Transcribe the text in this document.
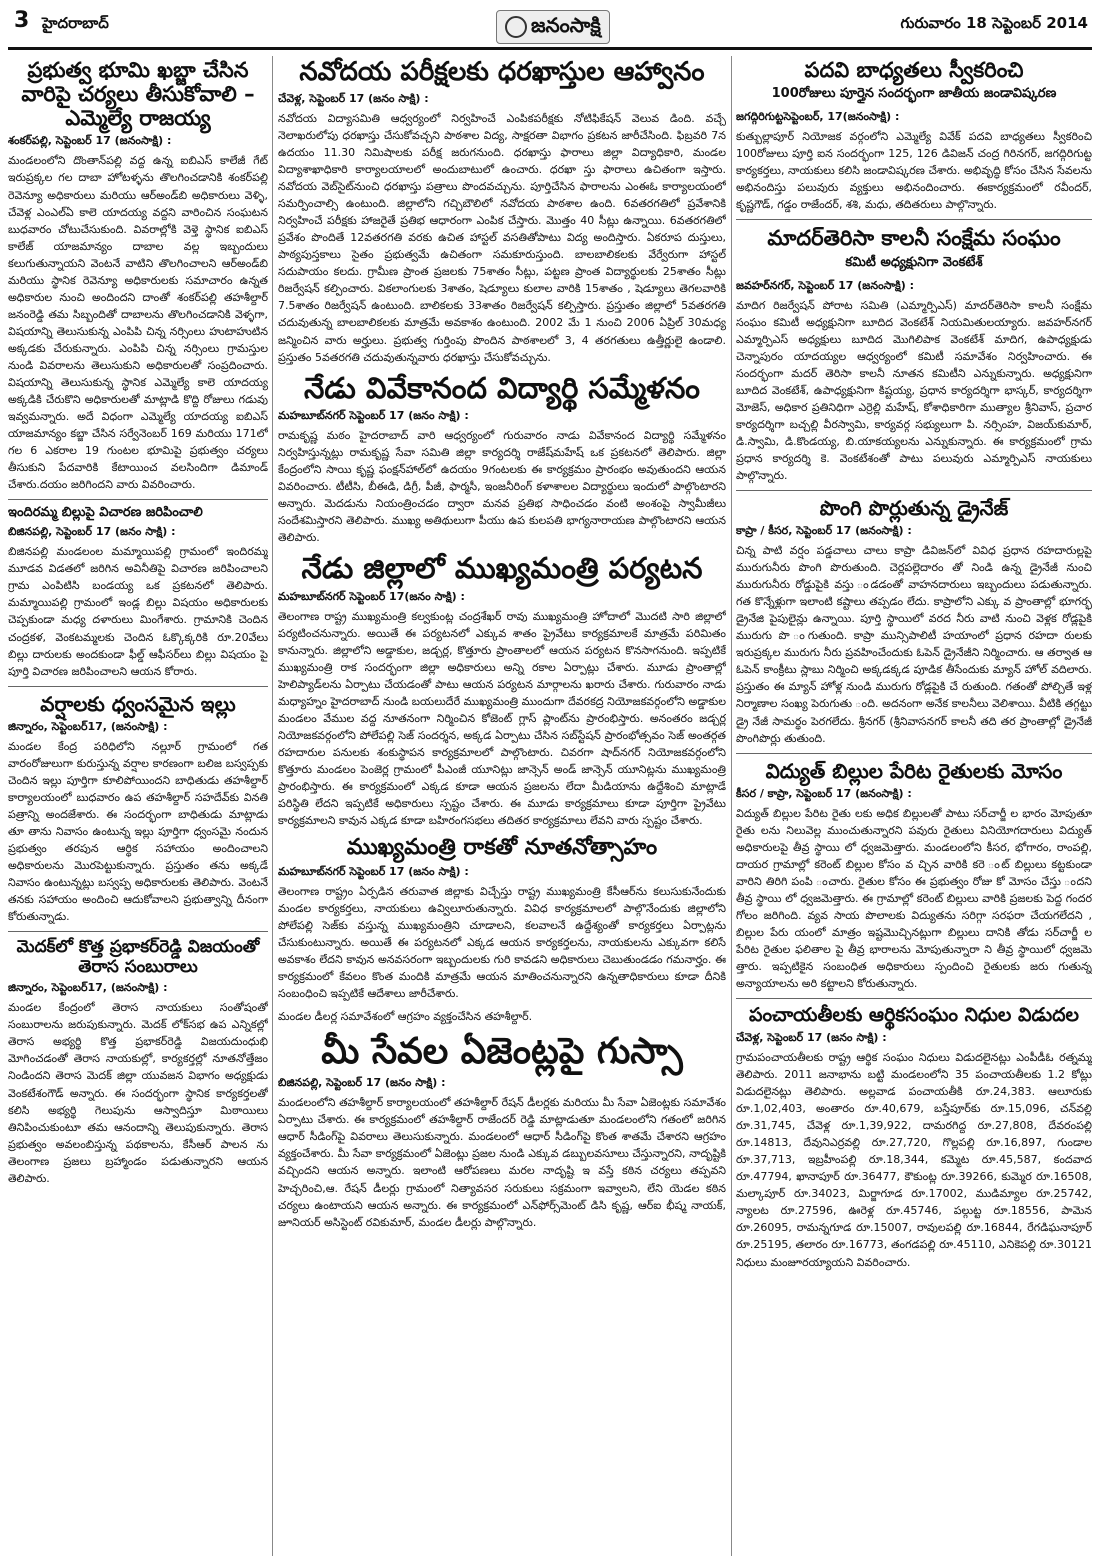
3 హైదరాబాద్	జనంసాక్షి	గురువారం 18 సెప్టెంబర్ 2014
ప్రభుత్వ భూమి ఖబ్జా చేసిన వారిపై చర్యలు తీసుకోవాలి – ఎమ్మెల్యే రాజయ్య
శంకర్‌పల్లి, సెప్టెంబర్ 17 (జనంసాక్షి) :
మండలంలోని దొంతాన్‌పల్లి వద్ద ఉన్న ఐబిఎస్ కాలేజీ గేట్ ఇరుప్రక్కల గల దాబా హోటళ్ళను తొలగించడానికి శంకర్‌పల్లి రెవెన్యూ అధికారులు మరియు ఆర్‌అండ్‌బి అధికారులు వెళ్ళి, చేవెళ్ల ఎంఎల్ఏ కాలె యాదయ్య వద్దని వారించిన సంఘటన బుధవారం చోటుచేసుకుంది. వివరాల్లోకి వెళ్తె స్థానిక ఐబిఎస్ కాలేజ్ యాజమాన్యం దాబాల వల్ల ఇబ్బందులు కలుగుతున్నాయని వెంటనే వాటిని తొలగించాలని ఆర్అండ్‌బి మరియు స్థానిక రెవెన్యూ అధికారులకు సమాచారం ఉన్నత అధికారుల నుంచి అందిందని దాంతో శంకర్‌పల్లి తహశీల్దార్ జనంరెడ్డి తమ సిబ్బందితో దాబాలను తొలగించడానికి వెళ్ళగా, విషయాన్ని తెలుసుకున్న ఎంపిపి చిన్న నర్సింలు హుటాహుటిన అక్కడకు చేరుకున్నారు. ఎంపిపి చిన్న నర్సింలు గ్రామస్తుల నుండి వివరాలను తెలుసుకుని అధికారులతో సంప్రదించారు. విషయాన్ని తెలుసుకున్న స్థానిక ఎమ్మెల్యే కాలె యాదయ్య అక్కడికి చేరుకొని అధికారులతో మాట్లాడి కొద్ది రోజులు గడువు ఇవ్వమన్నారు. అదే విధంగా ఎమ్మెల్యే యాదయ్య ఐబిఎస్ యాజమాన్యం కబ్జా చేసిన సర్వేనెంబర్ 169 మరియు 171లో గల 6 ఎకరాల 19 గుంటల భూమిపై ప్రభుత్వం చర్యలు తీసుకుని పేదవారికి కేటాయించ వలసిందిగా డిమాండ్ చేశారు.దయం జరిగిందని వారు వివరించారు.
ఇందిరమ్మ బిల్లుపై విచారణ జరిపించాలి
బిజినపల్లి, సెప్టెంబర్ 17 (జనం సాక్షి) :
బిజినపల్లి మండలంల మమ్మాయిపల్లి గ్రామంలో ఇందిరమ్మ మూడవ విడతలో జరిగిన అవినీతిపై విచారణ జరిపించాలని గ్రామ ఎంపిటిసి బండయ్య ఒక ప్రకటనలో తెలిపారు. మమ్మాయిపల్లి గ్రామంలో ఇండ్ల బిల్లు విషయం అధికారులకు చెప్పకుండా మధ్య దళారులు మింగేశారు. గ్రామానికి చెందిన చంద్రకళ, వెంకటమ్మలకు చెందిన ఓక్కొక్కరికి రూ.20వేలు బిల్లు దారులకు అందకుండా ఫీల్డ్ ఆఫీసర్‌లు బిల్లు విషయం పై పూర్తి విచారణ జరిపించాలని ఆయన కోరారు.
వర్షాలకు ధ్వంసమైన ఇల్లు
జిన్నారం, సెప్టెంబర్17, (జనంసాక్షి) :
మండల కేంద్ర పరిధిలోని నల్లూర్ గ్రామంలో గత వారంరోజులుగా కురుస్తున్న వర్షాల కారణంగా బలిజ బస్వప్పకు చెందిన ఇల్లు పూర్తిగా కూలిపోయిందని బాధితుడు తహశీల్దార్ కార్యాలయంలో బుధవారం ఉప తహశీల్దార్ సహదేవ్‌కు వినతి పత్రాన్ని అందజేశారు. ఈ సందర్భంగా బాధితుడు మాట్లాడు తూ తాను నివాసం ఉంటున్న ఇల్లు పూర్తిగా ధ్వంసమై నందున ప్రభుత్వం తరపున ఆర్థిక సహాయం అందించాలని అధికారులను మొరపెట్టుకున్నారు. ప్రస్తుతం తను అక్కడే నివాసం ఉంటున్నట్లు బస్వప్ప అధికారులకు తెలిపారు. వెంటనే తనకు సహాయం అందించి ఆదుకోవాలని ప్రభుత్వాన్ని దీనంగా కోరుతున్నాడు.
మెదక్‌లో కొత్త ప్రభాకర్‌రెడ్డి విజయంతో తెరాస సంబురాలు
జిన్నారం, సెప్టెంబర్17, (జనంసాక్షి) :
మండల కేంద్రంలో తెరాస నాయకులు సంతోషంతో సంబురాలను జరుపుకున్నారు. మెదక్ లోక్‌సభ ఉప ఎన్నికల్లో తెరాస అభ్యర్థి కొత్త ప్రభాకర్‌రెడ్డి విజయదుంధుభి మోగించడంతో తెరాస నాయకుల్లో, కార్యకర్తల్లో నూతనోత్తేజం నిండిందని తెరాస మెదక్ జిల్లా యువజన విభాగం అధ్యక్షుడు వెంకటేశంగౌడ్ అన్నారు. ఈ సందర్భంగా స్థానిక కార్యకర్తలతో కలిసి అభ్యర్థి గెలుపును ఆస్వాదిస్తూ మిఠాయిలు తినిపించుకుంటూ తమ ఆనందాన్ని తెలుపుకున్నారు. తెరాస ప్రభుత్వం అవలంబిస్తున్న పథకాలను, కేసీఆర్ పాలన ను తెలంగాణ ప్రజలు బ్రహ్మాండం పడుతున్నారని ఆయన తెలిపారు.
నవోదయ పరీక్షలకు ధరఖాస్తుల ఆహ్వానం
చేవెళ్ల, సెప్టెంబర్ 17 (జనం సాక్షి) :
నవోదయ విద్యాసమితి ఆధ్వర్యంలో నిర్వహించే ఎంపికపరీక్షకు నోటిఫికేషన్ వెలువ డింది. వచ్చే నెలాఖరులోపు ధరఖాస్తు చేసుకోవచ్చని పాఠశాల విద్య, సాక్షరతా విభాగం ప్రకటన జారీచేసింది. ఫిబ్రవరి 7న ఉదయం 11.30 నిమిషాలకు పరీక్ష జరుగనుంది. ధరఖాస్తు ఫారాలు జిల్లా విద్యాధికారి, మండల విద్యాశాఖాధికారి కార్యాలయాలలో అందుబాటులో ఉంచారు. ధరఖా స్తు ఫారాలు ఉచితంగా ఇస్తారు. నవోదయ వెబ్‌సైట్‌నుంచి ధరఖాస్తు పత్రాలు పొందవచ్చును. పూర్తిచేసిన ఫారాలను ఎంఈఓ కార్యాలయంలో సమర్పించాల్సి ఉంటుంది. జిల్లాలోని గచ్చిబౌలిలో నవోదయ పాఠశాల ఉంది. 6వతరగతిలో ప్రవేశానికి నిర్వహించే పరీక్షకు హాజరైతే ప్రతిభ ఆధారంగా ఎంపిక చేస్తారు. మొత్తం 40 సీట్లు ఉన్నాయి. 6వతరగతిలో ప్రవేశం పొందితే 12వతరగతి వరకు ఉచిత హాస్టల్ వసతితోపాటు విద్య అందిస్తారు. ఏకరూప దుస్తులు, పాఠ్యపుస్తకాలు సైతం ప్రభుత్వమే ఉచితంగా సమకూరుస్తుంది. బాలబాలికలకు వేర్వేరుగా హాస్టల్ సదుపాయం కలదు. గ్రామీణ ప్రాంత ప్రజలకు 75శాతం సీట్లు, పట్టణ ప్రాంత విద్యార్థులకు 25శాతం సీట్లు రిజర్వేషన్ కల్పించారు. వికలాంగులకు 3శాతం, షెడ్యూలు కులాల వారికి 15శాతం , షెడ్యూలు తెగలవారికి 7.5శాతం రిజర్వేషన్ ఉంటుంది. బాలికలకు 33శాతం రిజర్వేషన్ కల్పిస్తారు. ప్రస్తుతం జిల్లాలో 5వతరగతి చదువుతున్న బాలబాలికలకు మాత్రమే అవకాశం ఉంటుంది. 2002 మే 1 నుంచి 2006 ఏప్రిల్ 30మధ్య జన్మించిన వారు అర్హులు. ప్రభుత్వ గుర్తింపు పొందిన పాఠశాలలో 3, 4 తరగతులు ఉత్తీర్ణులై ఉండాలి. ప్రస్తుతం 5వతరగతి చదువుతున్నవారు ధరఖాస్తు చేసుకోవచ్చును.
నేడు వివేకానంద విద్యార్థి సమ్మేళనం
మహబూబ్‌నగర్ సెప్టెంబర్ 17 (జనం సాక్షి) :
రామకృష్ణ మఠం హైదరాబాద్ వారి ఆధ్వర్యంలో గురువారం నాడు వివేకానంద విద్యార్థి సమ్మేళనం నిర్వహిస్తున్నట్లు రామకృష్ణ సేవా సమితి జిల్లా కార్యదర్శి రాజేష్‌మహేష్ ఒక ప్రకటనలో తెలిపారు. జిల్లా కేంద్రంలోని సాయి కృష్ణ ఫంక్షన్‌హాల్‌లో ఉదయం 9గంటలకు ఈ కార్యక్రమం ప్రారంభం అవుతుందని ఆయన వివరించారు. టీటీసి, బీఈడి, డిగ్రీ, పీజీ, ఫార్మసీ, ఇంజనీరింగ్ కళాశాలల విద్యార్థులు ఇందులో పాల్గొంటారని అన్నారు. మెదడును నియంత్రించడం ద్వారా మనవ ప్రతిభ సాధించడం వంటి అంశంపై స్వామీజీలు సందేశమిస్తారని తెలిపారు. ముఖ్య అతిథులుగా పీయు ఉప కులపతి భాగ్యనారాయణ పాల్గొంటారని ఆయన తెలిపారు.
నేడు జిల్లాలో ముఖ్యమంత్రి పర్యటన
మహబూబ్‌నగర్ సెప్టెంబర్ 17(జనం సాక్షి) :
తెలంగాణ రాష్ట్ర ముఖ్యమంత్రి కల్వకుంట్ల చంద్రశేఖర్ రావు ముఖ్యమంత్రి హోదాలో మొదటి సారి జిల్లాలో పర్యటించనున్నారు. అయితే ఈ పర్యటనలో ఎక్కువ శాతం ప్రైవేటు కార్యక్రమాలకే మాత్రమే పరిమితం కానున్నారు. జిల్లాలోని అడ్డాకుల, జడ్చర్ల, కొత్తూరు ప్రాంతాలలో ఆయన పర్యటన కొనసాగనుంది. ఇప్పటికే ముఖ్యమంత్రి రాక సందర్భంగా జిల్లా అధికారులు అన్ని రకాల ఏర్పాట్లు చేశారు. మూడు ప్రాంతాల్లో హెలిప్యాడ్‌లను ఏర్పాటు చేయడంతో పాటు ఆయన పర్యటన మార్గాలను ఖరారు చేశారు. గురువారం నాడు మధ్యాహ్నం హైదరాబాద్ నుండి బయలుదేరే ముఖ్యమంత్రి ముందుగా దేవరకద్ర నియోజకవర్గంలోని అడ్డాకుల మండలం వేముల వద్ద నూతనంగా నిర్మించిన కోజెంట్ గ్లాస్ ప్లాంట్‌ను ప్రారంభిస్తారు. అనంతరం జడ్చర్ల నియోజకవర్గంలోని పోలేపల్లి సెజ్ సందర్శన, అక్కడ ఏర్పాటు చేసిన సబ్‌స్టేషన్ ప్రారంభోత్సవం సెజ్ అంతర్గత రహదారుల పనులకు శంకుస్థాపన కార్యక్రమాలలో పాల్గొంటారు. చివరగా షాద్‌నగర్ నియోజకవర్గంలోని కొత్తూరు మండలం పెంజెర్ల గ్రామంలో పీఎంజీ యూనిట్లు జాన్సెన్ అండ్ జాన్సెన్ యూనిట్లను ముఖ్యమంత్రి ప్రారంభిస్తారు. ఈ కార్యక్రమంలో ఎక్కడ కూడా ఆయన ప్రజలను లేదా మీడియాను ఉద్దేశించి మాట్లాడే పరిస్థితి లేదని ఇప్పటికే అధికారులు స్పష్టం చేశారు. ఈ మూడు కార్యక్రమాలు కూడా పూర్తిగా ప్రైవేటు కార్యక్రమాలని కావున ఎక్కడ కూడా బహిరంగసభలు తదితర కార్యక్రమాలు లేవని వారు స్పష్టం చేశారు.
ముఖ్యమంత్రి రాకతో నూతనోత్సాహం
మహబూబ్‌నగర్ సెప్టెంబర్ 17 (జనం సాక్షి) :
తెలంగాణ రాష్ట్రం ఏర్పడిన తరువాత జిల్లాకు విచ్చేస్తు రాష్ట్ర ముఖ్యమంత్రి కేసీఆర్‌ను కలుసుకునేందుకు మండల కార్యకర్తలు, నాయకులు ఉవ్విలూరుతున్నారు. వివిధ కార్యక్రమాలలో పాల్గొనేందుకు జిల్లాలోని పోలేపల్లి సెజ్‌కు వస్తున్న ముఖ్యమంత్రిని చూడాలని, కలవాలనే ఉద్దేశ్యంతో కార్యకర్తలు ఏర్పాట్లను చేసుకుంటున్నారు. అయితే ఈ పర్యటనలో ఎక్కడ ఆయన కార్యకర్తలను, నాయకులను ఎక్కువగా కలిసే అవకాశం లేదని కావున అనవసరంగా ఇబ్బందులకు గురి కావడని అధికారులు చెబుతుండడం గమనార్హం. ఈ కార్యక్రమంలో కేవలం కొంత మందికి మాత్రమే ఆయన మాతించనున్నారని ఉన్నతాధికారులు కూడా దీనికి సంబంధించి ఇప్పటికే ఆదేశాలు జారీచేశారు.
మండల డీలర్ల సమావేశంలో ఆగ్రహం వ్యక్తంచేసిన తహశీల్దార్.
మీ సేవల ఏజెంట్లపై గుస్సా
బిజినపల్లి, సెప్టెంబర్ 17 (జనం సాక్షి) :
మండలంలోని తహశీల్దార్ కార్యాలయంలో తహశీల్దార్ రేషన్ డీలర్లకు మరియు మీ సేవా ఏజెంట్లకు సమావేశం ఏర్పాటు చేశారు. ఈ కార్యక్రమంలో తహశీల్దార్ రాజేందర్ రెడ్డి మాట్లాడుతూ మండలంలోని గతంలో జరిగిన ఆధార్ సీడింగ్‌పై వివరాలు తెలుసుకున్నారు. మండలంలో ఆధార్ సీడింగ్‌పై కొంత శాతమే చేశారని ఆగ్రహం వ్యక్తంచేశారు. మీ సేవా కార్యక్రమంలో ఏజెంట్లు ప్రజల నుండి ఎక్కువ డబ్బులవసూలు చేస్తున్నారని, నాదృష్టికి వచ్చిందని ఆయన అన్నారు. ఇలాంటి ఆరోపణలు మరల నాదృష్టి ఇ వస్తే కఠిన చర్యలు తప్పవని హెచ్చరించి,ఆ. రేషన్ డీలర్లు గ్రామంలో నిత్యావసర సరుకులు సక్రమంగా ఇవ్వాలని, లేని యెడల కఠిన చర్యలు ఉంటాయని ఆయన అన్నారు. ఈ కార్యక్రమంలో ఎన్‌ఫోర్స్‌మెంట్ డిసి కృష్ణ, ఆర్‌ఐ భీష్మ నాయక్, జూనియర్ అసిస్టెంట్ రవికుమార్, మండల డీలర్లు పాల్గొన్నారు.
పదవి బాధ్యతలు స్వీకరించి
100రోజులు పూర్తైన సందర్భంగా జాతీయ జండావిష్కరణ
జగద్గిరిగుట్టసెప్టెంబర్, 17(జనంసాక్షి) :
కుత్బుల్లాపూర్ నియోజక వర్గంలోని ఎమ్మెల్యే వివేక్ పదవి బాధ్యతలు స్వీకరించి 100రోజులు పూర్తి ఐన సందర్భంగా 125, 126 డివిజన్ చంద్ర గిరినగర్, జగద్గిరిగుట్ట కార్యకర్తలు, నాయకులు కలిసి జండావిష్కరణ చేశారు. అభివృద్ధి కోసం చేసిన సేవలను అభినందిస్తు పలువురు వ్యక్తులు అభినందించారు. ఈకార్యక్రమంలో రవీందర్‌, కృష్ణగౌడ్, గడ్డం రాజేందర్, శశి, మధు, తదితరులు పాల్గొన్నారు.
మాదర్‌తెరిసా కాలనీ సంక్షేమ సంఘం
కమిటీ అధ్యక్షునిగా వెంకటేశ్
జవహర్‌నగర్, సెప్టెంబర్ 17 (జనంసాక్షి) :
మాదిగ రిజర్వేషన్ పోరాట సమితి (ఎమ్మార్పిఎస్) మాదర్‌తెరిసా కాలనీ సంక్షేమ సంఘం కమిటీ అధ్యక్షునిగా బూదిద వెంకటేశ్ నియమితులయ్యారు. జవహర్‌నగర్ ఎమ్మార్పిఎస్ అధ్యక్షులు బూదిద మొగిలిపాక వెంకటేశ్ మాదిగ, ఉపాధ్యక్షుడు చెన్నాపురం యాదయ్యల ఆధ్వర్యంలో కమిటీ సమావేశం నిర్వహించారు. ఈ సందర్భంగా మదర్ తెరిసా కాలనీ నూతన కమిటీని ఎన్నుకున్నారు. అధ్యక్షునిగా బూదిద వెంకటేశ్, ఉపాధ్యక్షునిగా కిష్టయ్య, ప్రధాన కార్యదర్శిగా భాస్కర్, కార్యదర్శిగా మోజెస్, అధికార ప్రతినిధిగా ఎర్రెల్లి మహేష్, కోశాధికారిగా ముత్యాల శ్రీనివాస్, ప్రచార కార్యదర్శిగా బచ్చల్లి వీరస్వామి, కార్యవర్గ సభ్యులుగా పి. నర్సింహ, విజయ్‌కుమార్, డి.స్వామి, డి.కొండయ్య, బి.యాకయ్యలను ఎన్నుకున్నారు. ఈ కార్యక్రమంలో గ్రామ ప్రధాన కార్యదర్శి కె. వెంకటేశంతో పాటు పలువురు ఎమ్మార్పిఎస్ నాయకులు పాల్గొన్నారు.
పొంగి పొర్లుతున్న డ్రైనేజ్
కాప్రా / కీసర, సెప్టెంబర్ 17 (జనంసాక్షి) :
చిన్న పాటి వర్షం పడ్డచాలు చాలు కాప్రా డివిజన్‌లో వివిధ ప్రధాన రహదారుల్లపై మురుగునీరు పొంగి పొరుతుంది. చెర్లపల్లెదారం తో నిండి ఉన్న డ్రైనేజీ నుంచి మురుగునీరు రోడ్డుపైకి వస్తు ండడంతో వాహనదారులు ఇబ్బందులు పడుతున్నారు. గత కొన్నేళ్లుగా ఇలాంటి కష్టాలు తప్పడం లేదు. కాప్రాలోని ఎక్కు వ ప్రాంతాల్లో భూగర్భ డ్రైనేజి పైపులైన్లు ఉన్నాయి. పూర్తి స్థాయిలో వరద నీరు వాటి నుంచి వెళ్లక రోడ్లపైకి మురుగు పొ ంగుతుంది. కాప్రా మున్సిపాలిటీ హయాంలో ప్రధాన రహదా రులకు ఇరుప్రక్కల మురుగు నీరు ప్రవహించేందుకు ఓపెన్ డ్రైనేజీని నిర్మించారు. ఆ తర్వాత ఆ ఓపెన్ కాంక్రీటు స్లాబు నిర్మించి అక్కడక్కడ పూడిక తీసేందుకు మ్యాన్ హోల్ వదిలారు. ప్రస్తుతం ఈ మ్యాన్ హోళ్ల నుండి మురుగు రోడ్లపైకి చే రుతుంది. గతంతో పోల్చితే ఇళ్ల నిర్మాణాల సంఖ్య పెరుగుతు ంది. అదనంగా అనేక కాలనీలు వెలిశాయి. వీటికి తగ్గట్టు డ్రై నేజీ సామర్థం పెరగలేదు. శ్రీనగర్ (శ్రీనివాసనగర్ కాలనీ తది తర ప్రాంతాల్లో డ్రైనేజీ పొంగిపొర్లు తుతుంది.
విద్యుత్ బిల్లుల పేరిట రైతులకు మోసం
కీసర / కాప్రా, సెప్టెంబర్ 17 (జనంసాక్షి) :
విద్యుత్ బిల్లుల పేరిట రైతు లకు అధిక బిల్లులతో పాటు సర్‌చార్జీ ల భారం మోపుతూ రైతు లను నిలువెల్ల ముంచుతున్నారని పవురు రైతులు వినియోగదారులు విద్యుత్ అధికారులపై తీవ్ర స్థాయి లో ధ్వజమెత్తారు. మండలంలోని కీసర, భోగారం, రాంపల్లి, దాయర గ్రామాల్లో కరెంట్ బిల్లుల కోసం వ చ్చిన వారికి కరె ంట్ బిల్లులు కట్టకుండా వారిని తిరిగి పంపి ంచారు. రైతుల కోసం ఈ ప్రభుత్వం రోజు కో మోసం చేస్తు ందని తీవ్ర స్థాయి లో ధ్వజమెత్తారు. ఈ గ్రామాల్లో కరెంట్ బిల్లులు వారికి ప్రజలకు పెద్ద గందర గోలం జరిగింది. వ్యవ సాయ పొలాలకు విద్యుతను సరిగ్గా సరఫరా చేయగలేదని , బిల్లుల పేరు యంలో మాత్రం ఇష్టమొచ్చినట్లుగా బిల్లులు దానికి తోడు సర్‌చార్జీ ల పేరిట రైతుల ఫలితాల పై తీవ్ర భారాలను మోపుతున్నారా ని తీవ్ర స్థాయిలో ధ్వజమె త్తారు. ఇప్పటికైన సంబంధిత అధికారులు స్పందించి రైతులకు జరు గుతున్న అన్యాయాలను అరి కట్టాలని కోరుతున్నారు.
పంచాయతీలకు ఆర్థికసంఘం నిధుల విడుదల
చేవెళ్ల, సెప్టెంబర్ 17 (జనం సాక్షి) :
గ్రామపంచాయతీలకు రాష్ట్ర ఆర్థిక సంఘం నిధులు విడుదలైనట్లు ఎంపీడీఓ రత్నమ్మ తెలిపారు. 2011 జనాభాను బట్టి మండలంలోని 35 పంచాయతీలకు 1.2 కోట్లు విడుదలైనట్లు తెలిపారు. అల్లవాడ పంచాయతీకి రూ.24,383. ఆలూరుకు రూ.1,02,403, అంతారం రూ.40,679, బస్తేపూర్‌కు రూ.15,096, చన్‌వల్లి రూ.31,745, చేవెళ్ల రూ.1,39,922, దామరగిద్ద రూ.27,808, దేవరంపల్లి రూ.14813, దేవునిఎర్రవల్లి రూ.27,720, గొల్లపల్లి రూ.16,897, గుండాల రూ.37,713, ఇబ్రహీంపల్లి రూ.18,344, కమ్మెట రూ.45,587, కందవాద రూ.47794, ఖానాపూర్ రూ.36477, కౌకుంట్ల రూ.39266, కుమ్మెర రూ.16508, మల్కాపూర్ రూ.34023, మిర్జాగూడ రూ.17002, ముడిమ్యాల రూ.25742, న్యాలట రూ.27596, ఊరెళ్ల రూ.45746, పల్గుట్ట రూ.18556, పామెన రూ.26095, రామన్నగూడ రూ.15007, రావులపల్లి రూ.16844, రేగడిఘనాపూర్ రూ.25195, తలారం రూ.16773, తంగడపల్లి రూ.45110, ఎనికెపల్లి రూ.30121 నిధులు మంజూరయ్యాయని వివరించారు.
